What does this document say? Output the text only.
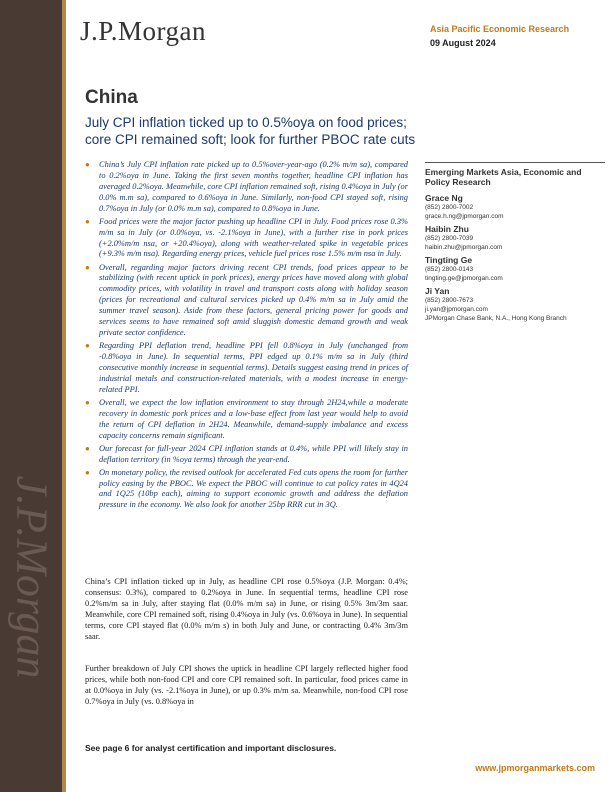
J.P.Morgan
J.P.Morgan	Asia Pacific Economic Research
09 August 2024
China
July CPI inflation ticked up to 0.5%oya on food prices; core CPI remained soft; look for further PBOC rate cuts
● China’s July CPI inflation rate picked up to 0.5%over-year-ago (0.2% m/m sa), compared to 0.2%oya in June. Taking the first seven months together, headline CPI inflation has averaged 0.2%oya. Meanwhile, core CPI inflation remained soft, rising 0.4%oya in July (or 0.0% m.m sa), compared to 0.6%oya in June. Similarly, non-food CPI stayed soft, rising 0.7%oya in July (or 0.0% m.m sa), compared to 0.8%oya in June.
● Food prices were the major factor pushing up headline CPI in July. Food prices rose 0.3% m/m sa in July (or 0.0%oya, vs. -2.1%oya in June), with a further rise in pork prices (+2.0%m/m nsa, or +20.4%oya), along with weather-related spike in vegetable prices (+9.3% m/m nsa). Regarding energy prices, vehicle fuel prices rose 1.5% m/m nsa in July.
● Overall, regarding major factors driving recent CPI trends, food prices appear to be stabilizing (with recent uptick in pork prices), energy prices have moved along with global commodity prices, with volatility in travel and transport costs along with holiday season (prices for recreational and cultural services picked up 0.4% m/m sa in July amid the summer travel season). Aside from these factors, general pricing power for goods and services seems to have remained soft amid sluggish domestic demand growth and weak private sector confidence.
● Regarding PPI deflation trend, headline PPI fell 0.8%oya in July (unchanged from -0.8%oya in June). In sequential terms, PPI edged up 0.1% m/m sa in July (third consecutive monthly increase in sequential terms). Details suggest easing trend in prices of industrial metals and construction-related materials, with a modest increase in energy-related PPI.
● Overall, we expect the low inflation environment to stay through 2H24,while a moderate recovery in domestic pork prices and a low-base effect from last year would help to avoid the return of CPI deflation in 2H24. Meanwhile, demand-supply imbalance and excess capacity concerns remain significant.
● Our forecast for full-year 2024 CPI inflation stands at 0.4%, while PPI will likely stay in deflation territory (in %oya terms) through the year-end.
● On monetary policy, the revised outlook for accelerated Fed cuts opens the room for further policy easing by the PBOC. We expect the PBOC will continue to cut policy rates in 4Q24 and 1Q25 (10bp each), aiming to support economic growth and address the deflation pressure in the economy. We also look for another 25bp RRR cut in 3Q.
China’s CPI inflation ticked up in July, as headline CPI rose 0.5%oya (J.P. Morgan: 0.4%; consensus: 0.3%), compared to 0.2%oya in June. In sequential terms, headline CPI rose 0.2%m/m sa in July, after staying flat (0.0% m/m sa) in June, or rising 0.5% 3m/3m saar. Meanwhile, core CPI remained soft, rising 0.4%oya in July (vs. 0.6%oya in June). In sequential terms, core CPI stayed flat (0.0% m/m s) in both July and June, or contracting 0.4% 3m/3m saar.
Further breakdown of July CPI shows the uptick in headline CPI largely reflected higher food prices, while both non-food CPI and core CPI remained soft. In particular, food prices came in at 0.0%oya in July (vs. -2.1%oya in June), or up 0.3% m/m sa. Meanwhile, non-food CPI rose 0.7%oya in July (vs. 0.8%oya in
See page 6 for analyst certification and important disclosures.
www.jpmorganmarkets.com
Emerging Markets Asia, Economic and Policy Research
Grace Ng
(852) 2800-7002
grace.h.ng@jpmorgan.com
Haibin Zhu
(852) 2800-7039
haibin.zhu@jpmorgan.com
Tingting Ge
(852) 2800-0143
tingting.ge@jpmorgan.com
Ji Yan
(852) 2800-7673
ji.yan@jpmorgan.com
JPMorgan Chase Bank, N.A., Hong Kong Branch
